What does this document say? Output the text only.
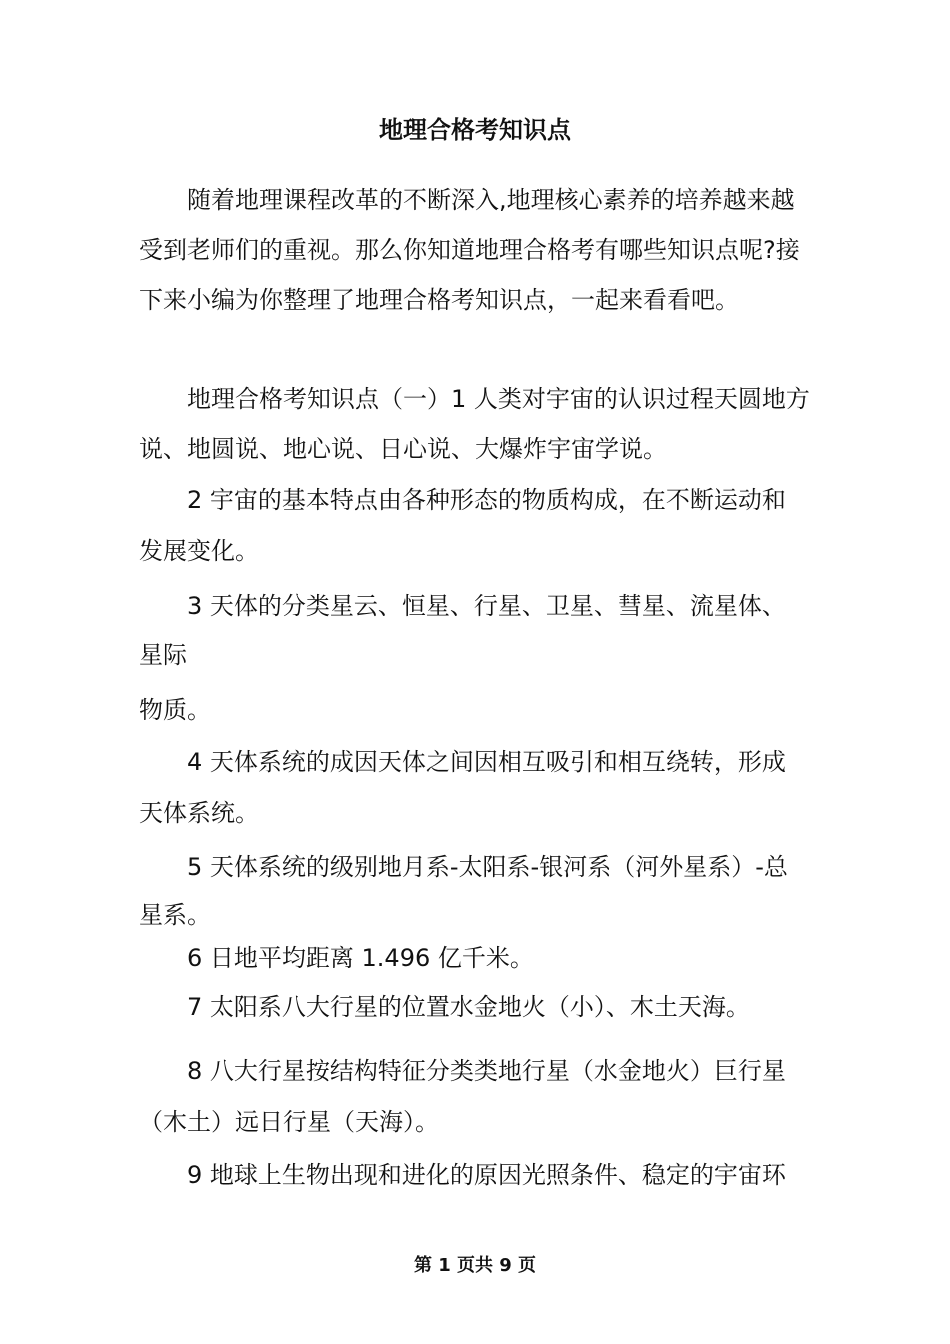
地理合格考知识点
随着地理课程改革的不断深入,地理核心素养的培养越来越
受到老师们的重视。那么你知道地理合格考有哪些知识点呢?接
下来小编为你整理了地理合格考知识点，一起来看看吧。
地理合格考知识点（一）1 人类对宇宙的认识过程天圆地方
说、地圆说、地心说、日心说、大爆炸宇宙学说。
2 宇宙的基本特点由各种形态的物质构成，在不断运动和
发展变化。
3 天体的分类星云、恒星、行星、卫星、彗星、流星体、
星际
物质。
4 天体系统的成因天体之间因相互吸引和相互绕转，形成
天体系统。
5 天体系统的级别地月系-太阳系-银河系（河外星系）-总
星系。
6 日地平均距离 1.496 亿千米。
7 太阳系八大行星的位置水金地火（小）、木土天海。
8 八大行星按结构特征分类类地行星（水金地火）巨行星
（木土）远日行星（天海）。
9 地球上生物出现和进化的原因光照条件、稳定的宇宙环
第 1 页共 9 页
